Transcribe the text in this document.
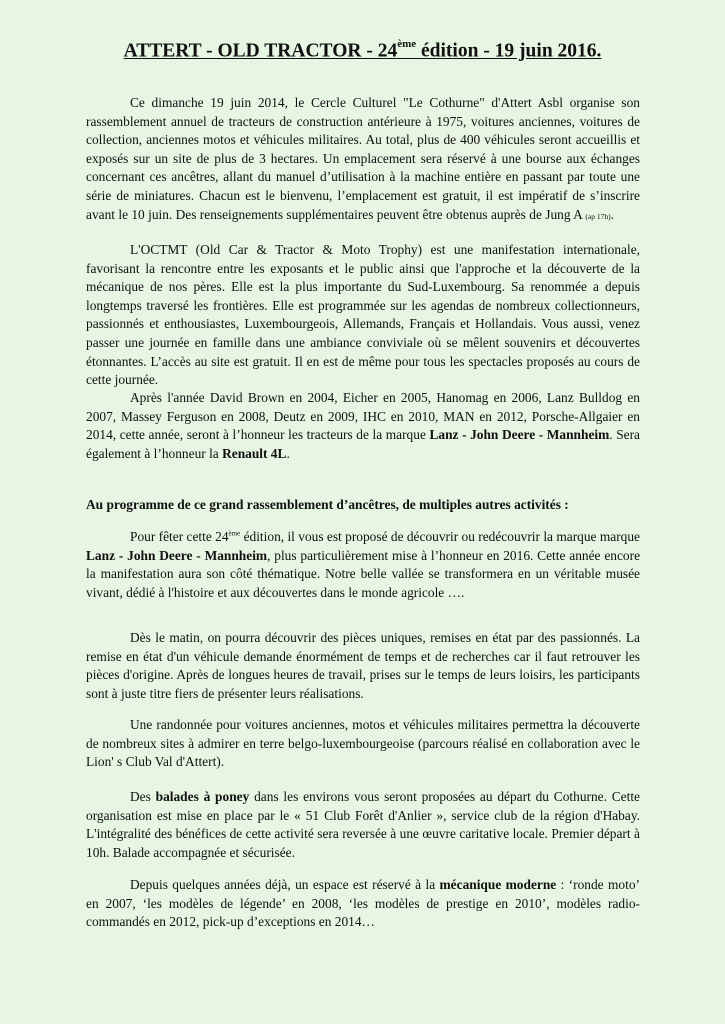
ATTERT - OLD TRACTOR - 24ème édition - 19 juin 2016.

Ce dimanche 19 juin 2014, le Cercle Culturel "Le Cothurne" d'Attert Asbl organise son rassemblement annuel de tracteurs de construction antérieure à 1975, voitures anciennes, voitures de collection, anciennes motos et véhicules militaires. Au total, plus de 400 véhicules seront accueillis et exposés sur un site de plus de 3 hectares. Un emplacement sera réservé à une bourse aux échanges concernant ces ancêtres, allant du manuel d’utilisation à la machine entière en passant par toute une série de miniatures. Chacun est le bienvenu, l’emplacement est gratuit, il est impératif de s’inscrire avant le 10 juin. Des renseignements supplémentaires peuvent être obtenus auprès de Jung A (ap 17h).

L'OCTMT (Old Car & Tractor & Moto Trophy) est une manifestation internationale, favorisant la rencontre entre les exposants et le public ainsi que l'approche et la découverte de la mécanique de nos pères. Elle est la plus importante du Sud-Luxembourg. Sa renommée a depuis longtemps traversé les frontières. Elle est programmée sur les agendas de nombreux collectionneurs, passionnés et enthousiastes, Luxembourgeois, Allemands, Français et Hollandais. Vous aussi, venez passer une journée en famille dans une ambiance conviviale où se mêlent souvenirs et découvertes étonnantes. L’accès au site est gratuit. Il en est de même pour tous les spectacles proposés au cours de cette journée.

Après l'année David Brown en 2004, Eicher en 2005, Hanomag en 2006, Lanz Bulldog en 2007, Massey Ferguson en 2008, Deutz en 2009, IHC en 2010, MAN en 2012, Porsche-Allgaier en 2014, cette année, seront à l’honneur les tracteurs de la marque Lanz - John Deere - Mannheim. Sera également à l’honneur la Renault 4L.

Au programme de ce grand rassemblement d’ancêtres, de multiples autres activités :

Pour fêter cette 24ème édition, il vous est proposé de découvrir ou redécouvrir la marque marque Lanz - John Deere - Mannheim, plus particulièrement mise à l’honneur en 2016. Cette année encore la manifestation aura son côté thématique. Notre belle vallée se transformera en un véritable musée vivant, dédié à l'histoire et aux découvertes dans le monde agricole ….

Dès le matin, on pourra découvrir des pièces uniques, remises en état par des passionnés. La remise en état d'un véhicule demande énormément de temps et de recherches car il faut retrouver les pièces d'origine. Après de longues heures de travail, prises sur le temps de leurs loisirs, les participants sont à juste titre fiers de présenter leurs réalisations.

Une randonnée pour voitures anciennes, motos et véhicules militaires permettra la découverte de nombreux sites à admirer en terre belgo-luxembourgeoise (parcours réalisé en collaboration avec le Lion' s Club Val d'Attert).

Des balades à poney dans les environs vous seront proposées au départ du Cothurne. Cette organisation est mise en place par le « 51 Club Forêt d'Anlier », service club de la région d'Habay. L'intégralité des bénéfices de cette activité sera reversée à une œuvre caritative locale. Premier départ à 10h. Balade accompagnée et sécurisée.

Depuis quelques années déjà, un espace est réservé à la mécanique moderne : ‘ronde moto’ en 2007, ‘les modèles de légende’ en 2008, ‘les modèles de prestige en 2010’, modèles radio-commandés en 2012, pick-up d’exceptions en 2014…
